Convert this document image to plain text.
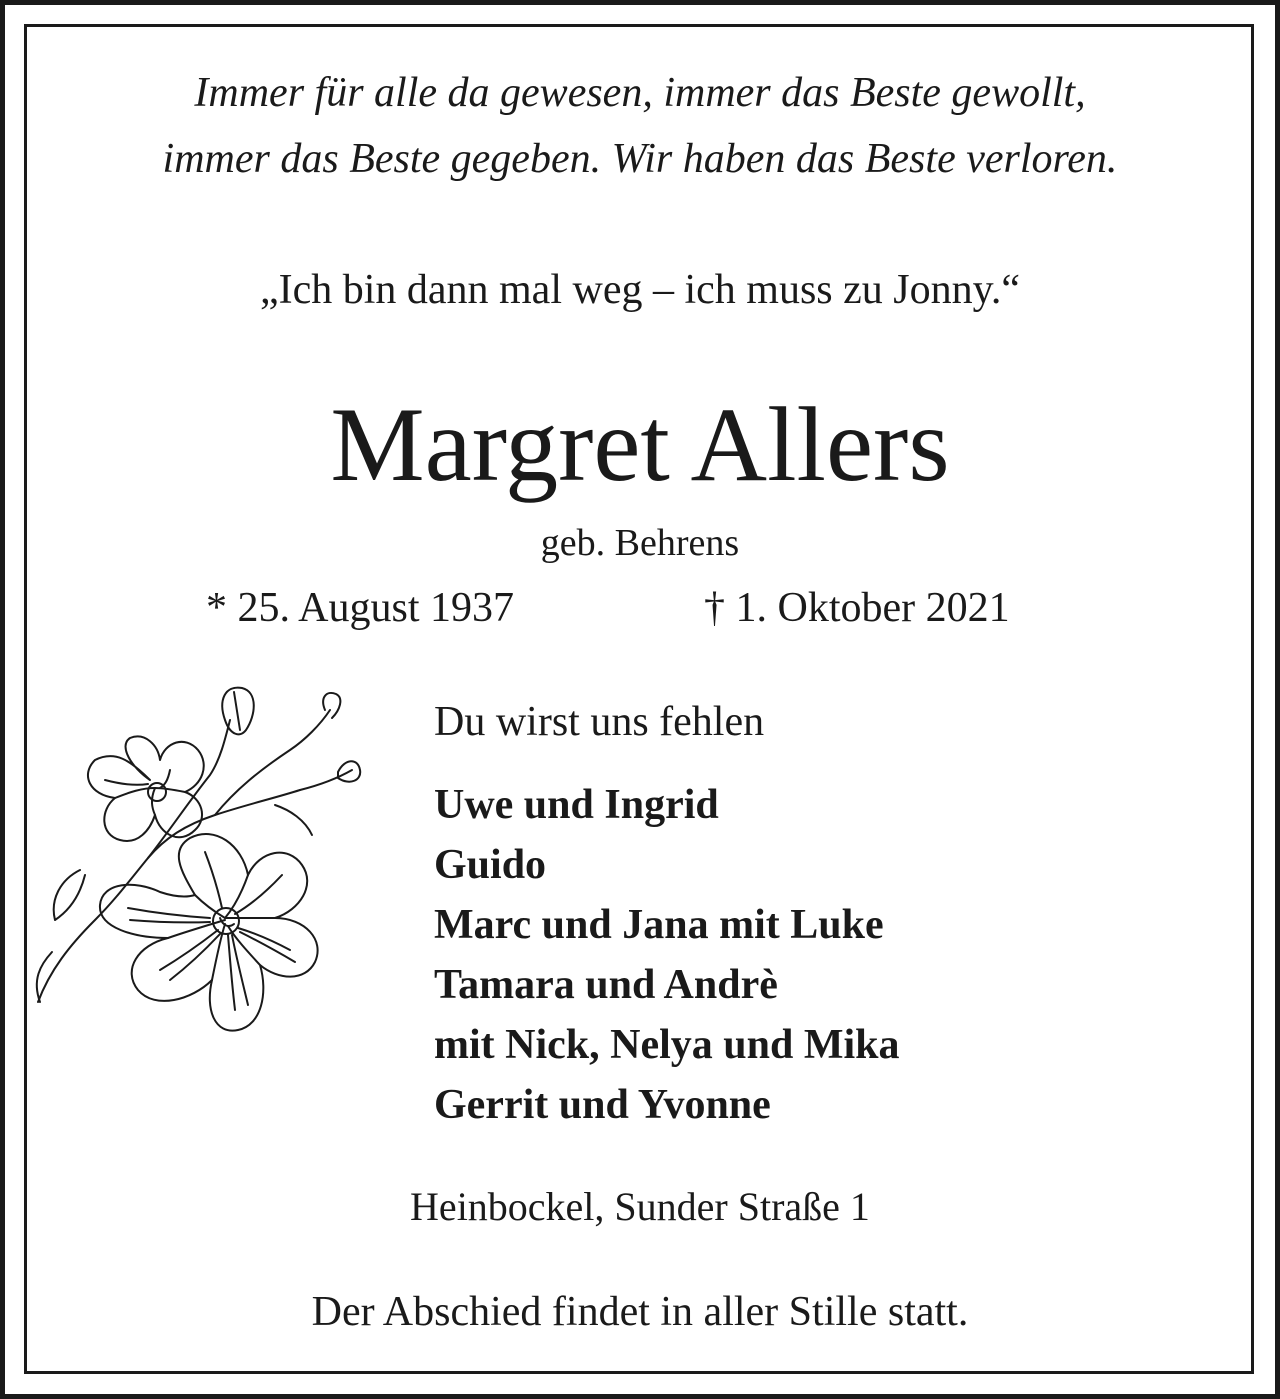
Immer für alle da gewesen, immer das Beste gewollt,
immer das Beste gegeben. Wir haben das Beste verloren.
„Ich bin dann mal weg – ich muss zu Jonny.“
Margret Allers
geb. Behrens
* 25. August 1937	† 1. Oktober 2021
Du wirst uns fehlen
Uwe und Ingrid
Guido
Marc und Jana mit Luke
Tamara und Andrè
mit Nick, Nelya und Mika
Gerrit und Yvonne
Heinbockel, Sunder Straße 1
Der Abschied findet in aller Stille statt.
